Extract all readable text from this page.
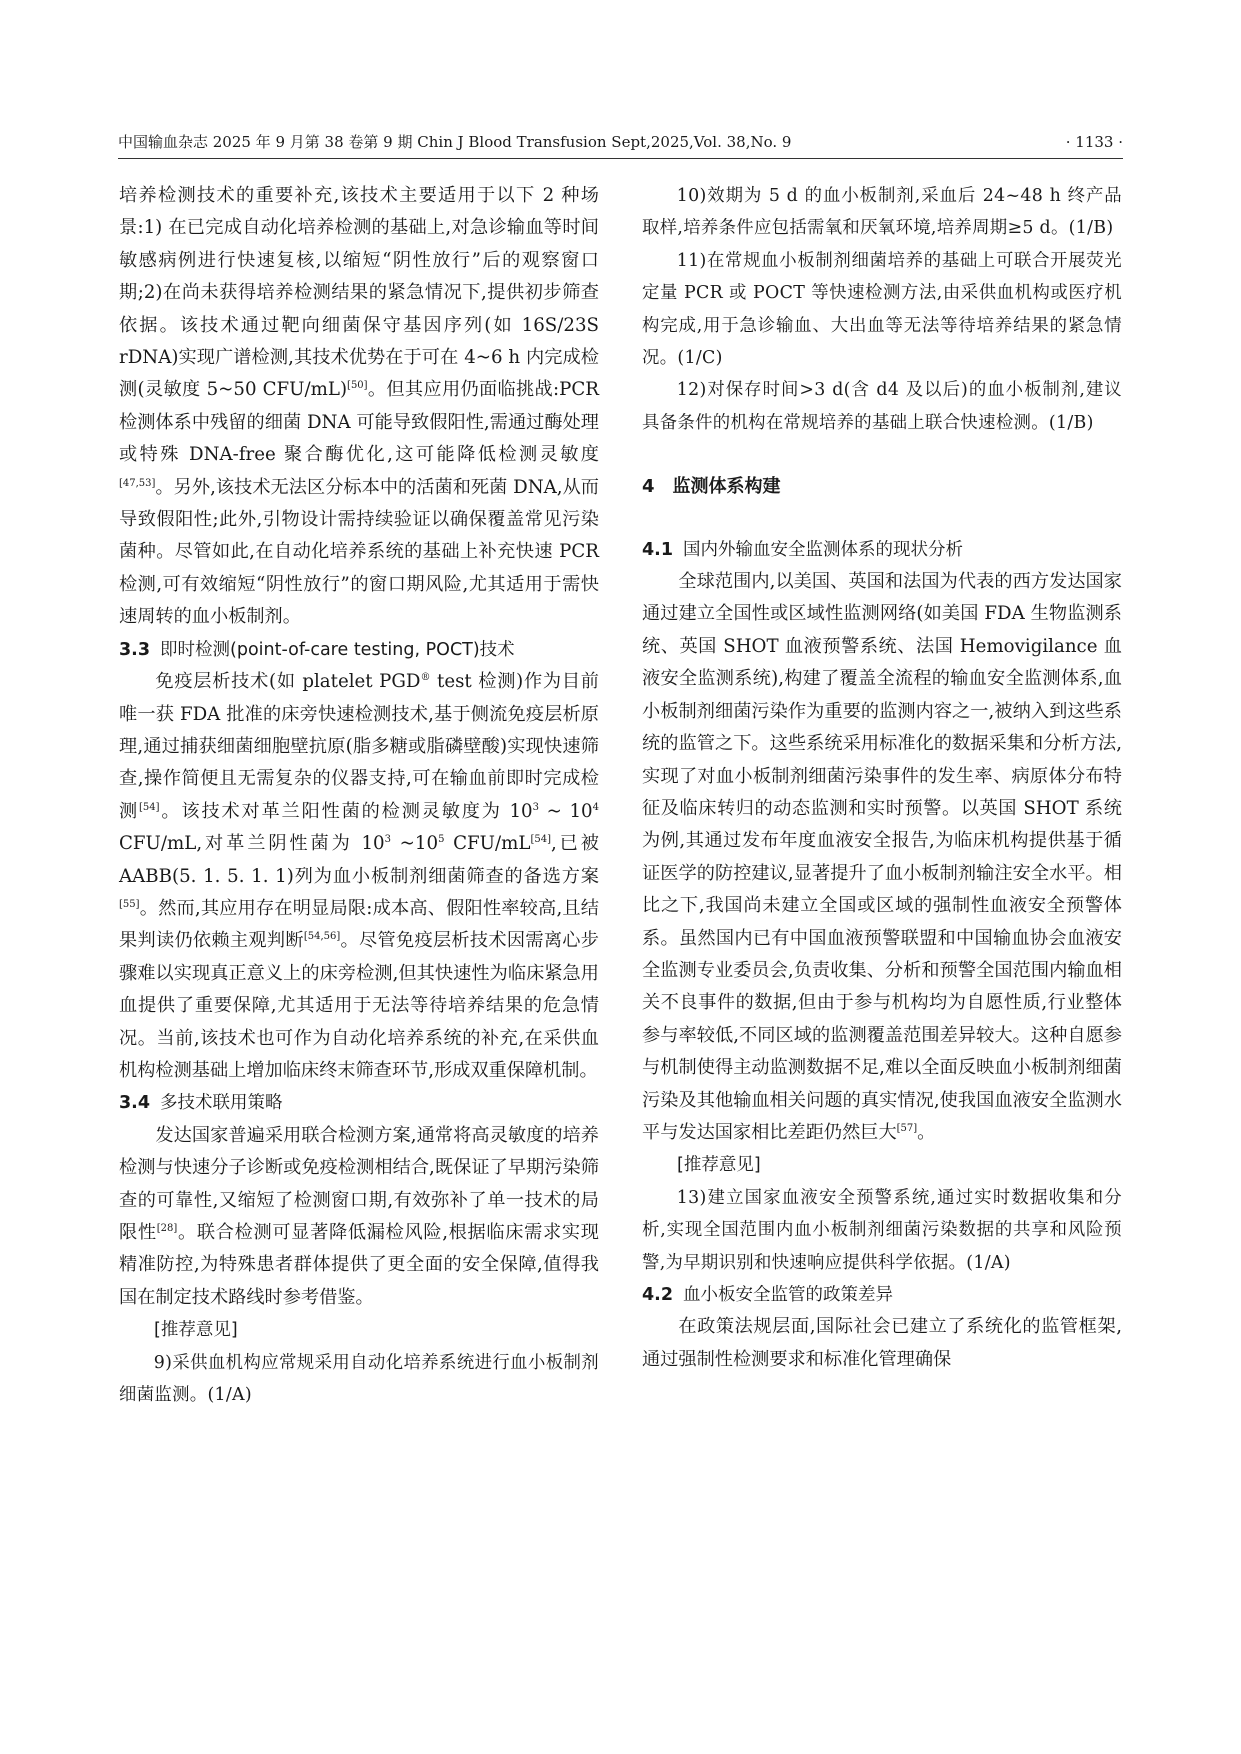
中国输血杂志 2025 年 9 月第 38 卷第 9 期 Chin J Blood Transfusion Sept,2025,Vol. 38,No. 9	· 1133 ·

培养检测技术的重要补充,该技术主要适用于以下 2 种场景:1) 在已完成自动化培养检测的基础上,对急诊输血等时间敏感病例进行快速复核,以缩短“阴性放行”后的观察窗口期;2)在尚未获得培养检测结果的紧急情况下,提供初步筛查依据。该技术通过靶向细菌保守基因序列(如 16S/23S rDNA)实现广谱检测,其技术优势在于可在 4~6 h 内完成检测(灵敏度 5~50 CFU/mL)[50]。但其应用仍面临挑战:PCR 检测体系中残留的细菌 DNA 可能导致假阳性,需通过酶处理或特殊 DNA-free 聚合酶优化,这可能降低检测灵敏度[47,53]。另外,该技术无法区分标本中的活菌和死菌 DNA,从而导致假阳性;此外,引物设计需持续验证以确保覆盖常见污染菌种。尽管如此,在自动化培养系统的基础上补充快速 PCR 检测,可有效缩短“阴性放行”的窗口期风险,尤其适用于需快速周转的血小板制剂。

3.3 即时检测(point-of-care testing, POCT)技术

免疫层析技术(如 platelet PGD® test 检测)作为目前唯一获 FDA 批准的床旁快速检测技术,基于侧流免疫层析原理,通过捕获细菌细胞壁抗原(脂多糖或脂磷壁酸)实现快速筛查,操作简便且无需复杂的仪器支持,可在输血前即时完成检测[54]。该技术对革兰阳性菌的检测灵敏度为 $10^3$ ~ $10^4$ CFU/mL,对革兰阴性菌为 $10^3$ $\sim 10^5$ CFU/mL[54],已被 AABB(5. 1. 5. 1. 1)列为血小板制剂细菌筛查的备选方案[55]。然而,其应用存在明显局限:成本高、假阳性率较高,且结果判读仍依赖主观判断[54,56]。尽管免疫层析技术因需离心步骤难以实现真正意义上的床旁检测,但其快速性为临床紧急用血提供了重要保障,尤其适用于无法等待培养结果的危急情况。当前,该技术也可作为自动化培养系统的补充,在采供血机构检测基础上增加临床终末筛查环节,形成双重保障机制。

3.4 多技术联用策略

发达国家普遍采用联合检测方案,通常将高灵敏度的培养检测与快速分子诊断或免疫检测相结合,既保证了早期污染筛查的可靠性,又缩短了检测窗口期,有效弥补了单一技术的局限性[28]。联合检测可显著降低漏检风险,根据临床需求实现精准防控,为特殊患者群体提供了更全面的安全保障,值得我国在制定技术路线时参考借鉴。

[推荐意见]

9)采供血机构应常规采用自动化培养系统进行血小板制剂细菌监测。(1/A)

10)效期为 5 d 的血小板制剂,采血后 24~48 h 终产品取样,培养条件应包括需氧和厌氧环境,培养周期≥5 d。(1/B)

11)在常规血小板制剂细菌培养的基础上可联合开展荧光定量 PCR 或 POCT 等快速检测方法,由采供血机构或医疗机构完成,用于急诊输血、大出血等无法等待培养结果的紧急情况。(1/C)

12)对保存时间>3 d(含 d4 及以后)的血小板制剂,建议具备条件的机构在常规培养的基础上联合快速检测。(1/B)

4 监测体系构建

4.1 国内外输血安全监测体系的现状分析

全球范围内,以美国、英国和法国为代表的西方发达国家通过建立全国性或区域性监测网络(如美国 FDA 生物监测系统、英国 SHOT 血液预警系统、法国 Hemovigilance 血液安全监测系统),构建了覆盖全流程的输血安全监测体系,血小板制剂细菌污染作为重要的监测内容之一,被纳入到这些系统的监管之下。这些系统采用标准化的数据采集和分析方法,实现了对血小板制剂细菌污染事件的发生率、病原体分布特征及临床转归的动态监测和实时预警。以英国 SHOT 系统为例,其通过发布年度血液安全报告,为临床机构提供基于循证医学的防控建议,显著提升了血小板制剂输注安全水平。相比之下,我国尚未建立全国或区域的强制性血液安全预警体系。虽然国内已有中国血液预警联盟和中国输血协会血液安全监测专业委员会,负责收集、分析和预警全国范围内输血相关不良事件的数据,但由于参与机构均为自愿性质,行业整体参与率较低,不同区域的监测覆盖范围差异较大。这种自愿参与机制使得主动监测数据不足,难以全面反映血小板制剂细菌污染及其他输血相关问题的真实情况,使我国血液安全监测水平与发达国家相比差距仍然巨大[57]。

[推荐意见]

13)建立国家血液安全预警系统,通过实时数据收集和分析,实现全国范围内血小板制剂细菌污染数据的共享和风险预警,为早期识别和快速响应提供科学依据。(1/A)

4.2 血小板安全监管的政策差异

在政策法规层面,国际社会已建立了系统化的监管框架,通过强制性检测要求和标准化管理确保
